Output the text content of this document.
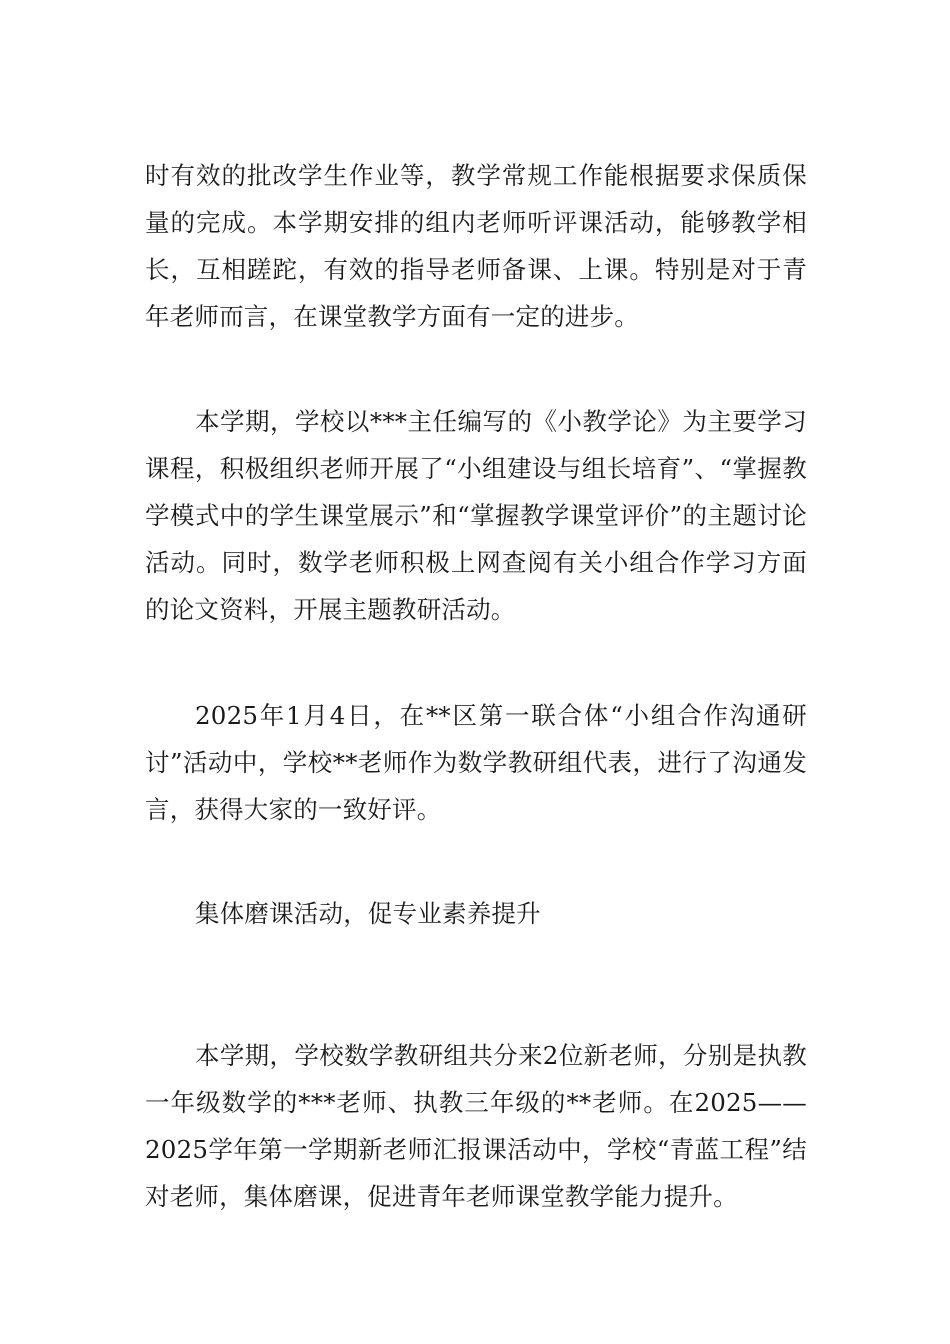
时有效的批改学生作业等，教学常规工作能根据要求保质保量的完成。本学期安排的组内老师听评课活动，能够教学相长，互相蹉跎，有效的指导老师备课、上课。特别是对于青年老师而言，在课堂教学方面有一定的进步。

本学期，学校以***主任编写的《小教学论》为主要学习课程，积极组织老师开展了“小组建设与组长培育”、“掌握教学模式中的学生课堂展示”和“掌握教学课堂评价”的主题讨论活动。同时，数学老师积极上网查阅有关小组合作学习方面的论文资料，开展主题教研活动。

2025年1月4日，在**区第一联合体“小组合作沟通研讨”活动中，学校**老师作为数学教研组代表，进行了沟通发言，获得大家的一致好评。

集体磨课活动，促专业素养提升

本学期，学校数学教研组共分来2位新老师，分别是执教一年级数学的***老师、执教三年级的**老师。在2025——2025学年第一学期新老师汇报课活动中，学校“青蓝工程”结对老师，集体磨课，促进青年老师课堂教学能力提升。
